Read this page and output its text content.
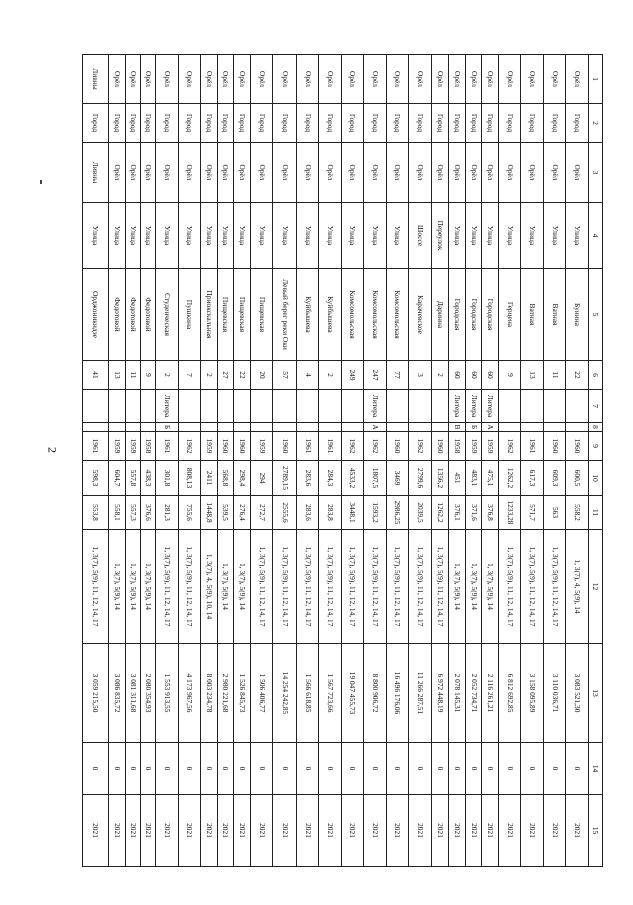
2
1	2	3	4	5	6	7	8	9	10	11	12	13	14	15
Орёл	Город	Орёл	Улица	Бунина	22			1960	600,5	558,2	1, 3(7), 4, 5(9), 14	3 083 521,30	0	2021
Орёл	Город	Орёл	Улица	Ватная	11			1960	609,3	563	1, 3(7), 5(9), 11, 12, 14, 17	3 110 036,71	0	2021
Орёл	Город	Орёл	Улица	Ватная	13			1961	617,3	571,7	1, 3(7), 5(9), 11, 12, 14, 17	3 158 095,89	0	2021
Орёл	Город	Орёл	Улица	Герцена	9			1962	1262,2	1233,28	1, 3(7), 5(9), 11, 12, 14, 17	6 812 692,85	0	2021
Орёл	Город	Орёл	Улица	Городская	60	Литера	А	1959	475,1	376,8	1, 3(7), 5(9), 14	2 116 261,21	0	2021
Орёл	Город	Орёл	Улица	Городская	60	Литера	Б	1959	483,1	371,6	1, 3(7), 5(9), 14	2 052 734,71	0	2021
Орёл	Город	Орёл	Улица	Городская	60	Литера	В	1958	451	376,1	1, 3(7), 5(9), 14	2 078 145,31	0	2021
Орёл	Город	Орёл	Переулок	Даринна	2			1960	1356,2	1262,2	1, 3(7), 5(9), 11, 12, 14, 17	6 972 448,19	0	2021
Орёл	Город	Орёл	Шоссе	Карачевское	3			1962	2799,6	2039,5	1, 3(7), 5(9), 11, 12, 14, 17	11 266 287,51	0	2021
Орёл	Город	Орёл	Улица	Комсомольская	77			1960	3469	2986,25	1, 3(7), 5(9), 11, 12, 14, 17	16 496 176,06	0	2021
Орёл	Город	Орёл	Улица	Комсомольская	247	Литера	А	1962	1807,5	1593,2	1, 3(7), 5(9), 11, 12, 14, 17	8 800 906,72	0	2021
Орёл	Город	Орёл	Улица	Комсомольская	249			1962	4533,2	3448,1	1, 3(7), 5(9), 11, 12, 14, 17	19 047 455,73	0	2021
Орёл	Город	Орёл	Улица	Куйбышева	2			1961	284,3	283,8	1, 3(7), 5(9), 11, 12, 14, 17	1 567 723,66	0	2021
Орёл	Город	Орёл	Улица	Куйбышева	4			1961	283,6	283,6	1, 3(7), 5(9), 11, 12, 14, 17	1 566 618,85	0	2021
Орёл	Город	Орёл	Улица	Левый берег реки Оки	57			1960	2789,15	2555,6	1, 3(7), 5(9), 11, 12, 14, 17	14 254 242,85	0	2021
Орёл	Город	Орёл	Улица	Пищевская	20			1959	294	272,7	1, 3(7), 5(9), 11, 12, 14, 17	1 506 406,77	0	2021
Орёл	Город	Орёл	Улица	Пищевская	22			1960	298,4	276,4	1, 3(7), 5(9), 14	1 526 845,73	0	2021
Орёл	Город	Орёл	Улица	Пищевская	27			1960	568,8	539,5	1, 3(7), 5(9), 14	2 980 221,68	0	2021
Орёл	Город	Орёл	Улица	Приокскальная	2			1959	2411	1448,8	1, 3(7), 4, 5(9), 10, 14	8 003 234,78	0	2021
Орёл	Город	Орёл	Улица	Пушкина	7			1962	808,13	755,6	1, 3(7), 5(9), 11, 12, 14, 17	4 173 967,56	0	2021
Орёл	Город	Орёл	Улица	Студенческая	2	Литера	Б	1961	301,8	281,3	1, 3(7), 5(9), 11, 12, 14, 17	1 553 913,55	0	2021
Орёл	Город	Орёл	Улица	Федотовой	9			1958	438,3	376,6	1, 3(7), 5(9), 14	2 080 354,93	0	2021
Орёл	Город	Орёл	Улица	Федотовой	11			1959	557,8	557,3	1, 3(7), 5(9), 14	3 081 311,68	0	2021
Орёл	Город	Орёл	Улица	Федотовой	13			1959	604,7	558,1	1, 3(7), 5(9), 14	3 086 835,72	0	2021
Ливны	Город	Ливны	Улица	Орджоникидзе	41			1961	598,3	553,8	1, 3(7), 5(9), 11, 12, 14, 17	3 059 215,50	0	2021
